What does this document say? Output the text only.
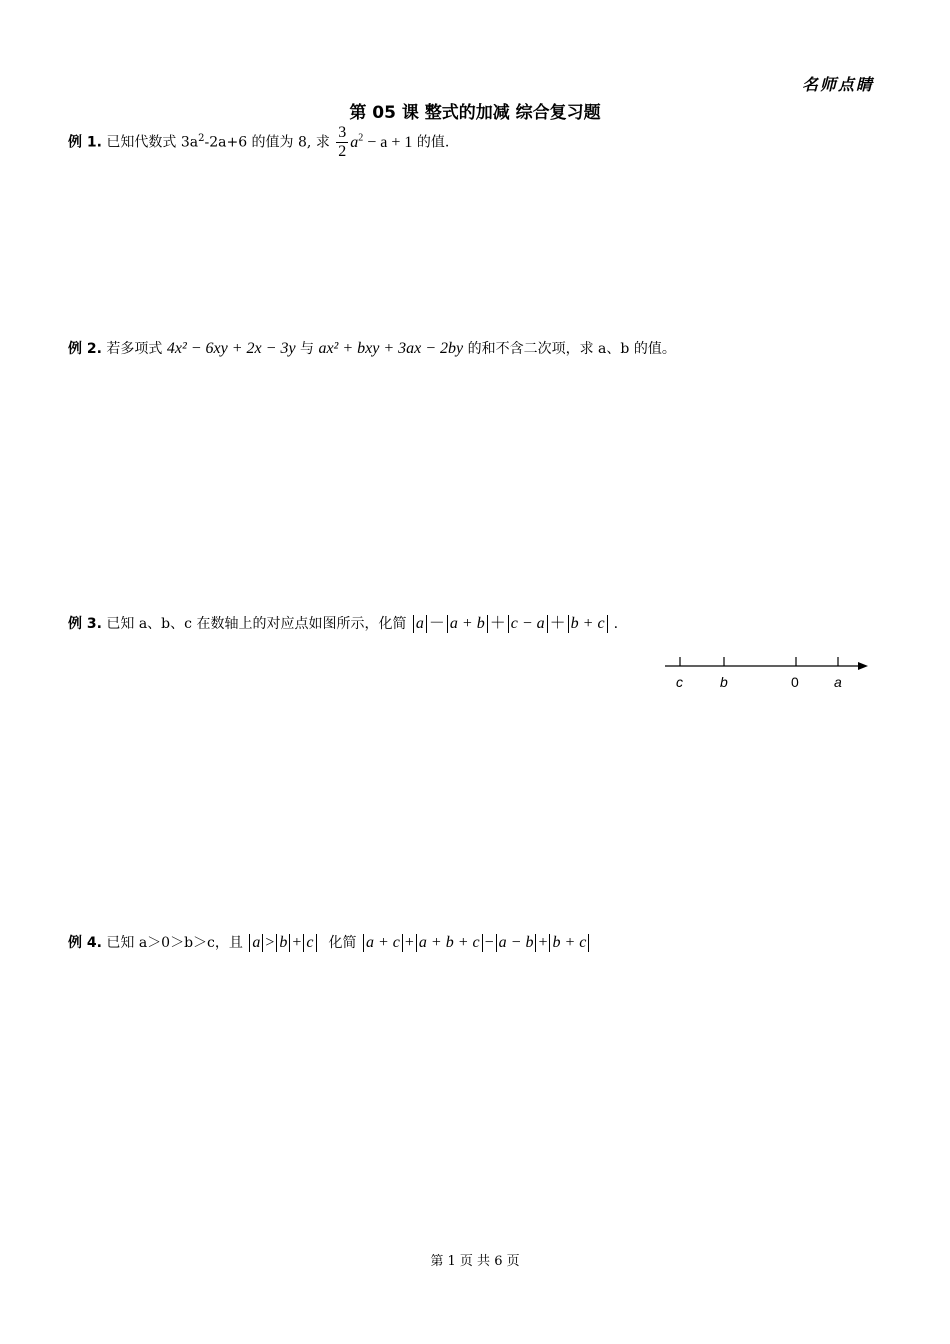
名师点睛
第 05 课 整式的加减 综合复习题
例 1. 已知代数式 $3a^2-2a+6$ 的值为 8, 求 $\frac{3}{2} a^2 - a + 1$ 的值.
例 2. 若多项式 4x² − 6xy + 2x − 3y 与 ax² + bxy + 3ax − 2by 的和不含二次项，求 a、b 的值。
例 3. 已知 a、b、c 在数轴上的对应点如图所示，化简 a － a + b ＋ c − a ＋ b + c .
c	b	0	a
例 4. 已知 a＞0＞b＞c，且 a > b + c 化简 a + c + a + b + c − a − b + b + c
第 1 页 共 6 页
